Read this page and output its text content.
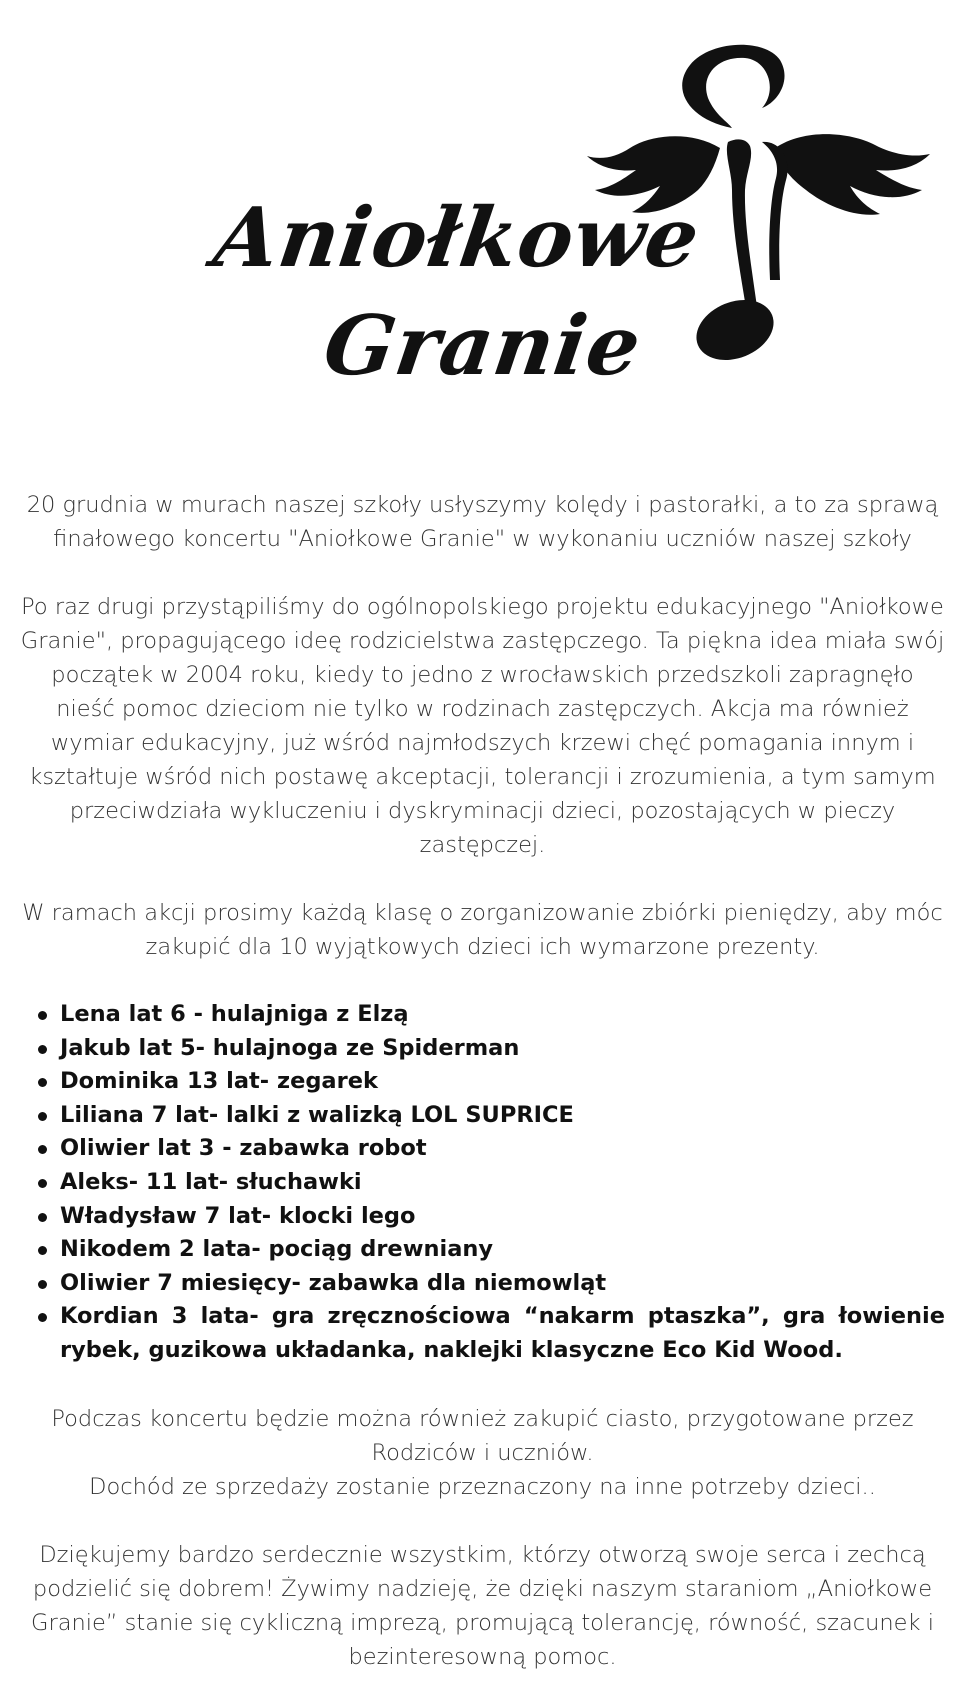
Aniołkowe
Granie

20 grudnia w murach naszej szkoły usłyszymy kolędy i pastorałki, a to za sprawą finałowego koncertu "Aniołkowe Granie" w wykonaniu uczniów naszej szkoły

Po raz drugi przystąpiliśmy do ogólnopolskiego projektu edukacyjnego "Aniołkowe Granie", propagującego ideę rodzicielstwa zastępczego. Ta piękna idea miała swój początek w 2004 roku, kiedy to jedno z wrocławskich przedszkoli zapragnęło nieść pomoc dzieciom nie tylko w rodzinach zastępczych. Akcja ma również wymiar edukacyjny, już wśród najmłodszych krzewi chęć pomagania innym i kształtuje wśród nich postawę akceptacji, tolerancji i zrozumienia, a tym samym przeciwdziała wykluczeniu i dyskryminacji dzieci, pozostających w pieczy zastępczej.

W ramach akcji prosimy każdą klasę o zorganizowanie zbiórki pieniędzy, aby móc zakupić dla 10 wyjątkowych dzieci ich wymarzone prezenty.

Lena lat 6 - hulajniga z Elzą
Jakub lat 5- hulajnoga ze Spiderman
Dominika 13 lat- zegarek
Liliana 7 lat- lalki z walizką LOL SUPRICE
Oliwier lat 3 - zabawka robot
Aleks- 11 lat- słuchawki
Władysław 7 lat- klocki lego
Nikodem 2 lata- pociąg drewniany
Oliwier 7 miesięcy- zabawka dla niemowląt
Kordian 3 lata- gra zręcznościowa “nakarm ptaszka”, gra łowienie rybek, guzikowa układanka, naklejki klasyczne Eco Kid Wood.

Podczas koncertu będzie można również zakupić ciasto, przygotowane przez Rodziców i uczniów.

Dochód ze sprzedaży zostanie przeznaczony na inne potrzeby dzieci..

Dziękujemy bardzo serdecznie wszystkim, którzy otworzą swoje serca i zechcą podzielić się dobrem! Żywimy nadzieję, że dzięki naszym staraniom „Aniołkowe Granie” stanie się cykliczną imprezą, promującą tolerancję, równość, szacunek i bezinteresowną pomoc.
